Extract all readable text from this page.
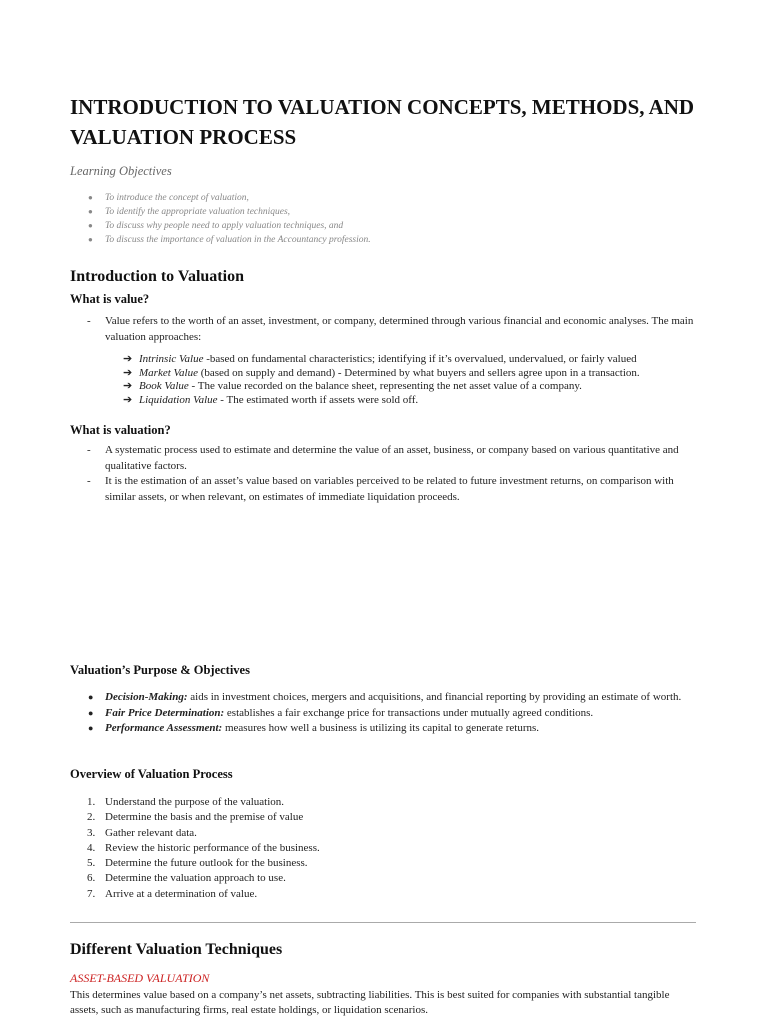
INTRODUCTION TO VALUATION CONCEPTS, METHODS, AND VALUATION PROCESS

Learning Objectives

● To introduce the concept of valuation,
● To identify the appropriate valuation techniques,
● To discuss why people need to apply valuation techniques, and
● To discuss the importance of valuation in the Accountancy profession.
Introduction to Valuation
What is value?
- Value refers to the worth of an asset, investment, or company, determined through various financial and economic analyses. The main valuation approaches:
➔ Intrinsic Value -based on fundamental characteristics; identifying if it’s overvalued, undervalued, or fairly valued
➔ Market Value (based on supply and demand) - Determined by what buyers and sellers agree upon in a transaction.
➔ Book Value - The value recorded on the balance sheet, representing the net asset value of a company.
➔ Liquidation Value - The estimated worth if assets were sold off.
What is valuation?
- A systematic process used to estimate and determine the value of an asset, business, or company based on various quantitative and qualitative factors.
- It is the estimation of an asset’s value based on variables perceived to be related to future investment returns, on comparison with similar assets, or when relevant, on estimates of immediate liquidation proceeds.
Valuation’s Purpose & Objectives
● Decision-Making: aids in investment choices, mergers and acquisitions, and financial reporting by providing an estimate of worth.
● Fair Price Determination: establishes a fair exchange price for transactions under mutually agreed conditions.
● Performance Assessment: measures how well a business is utilizing its capital to generate returns.
Overview of Valuation Process
1. Understand the purpose of the valuation.
2. Determine the basis and the premise of value
3. Gather relevant data.
4. Review the historic performance of the business.
5. Determine the future outlook for the business.
6. Determine the valuation approach to use.
7. Arrive at a determination of value.
Different Valuation Techniques

ASSET-BASED VALUATION

This determines value based on a company’s net assets, subtracting liabilities. This is best suited for companies with substantial tangible assets, such as manufacturing firms, real estate holdings, or liquidation scenarios.
